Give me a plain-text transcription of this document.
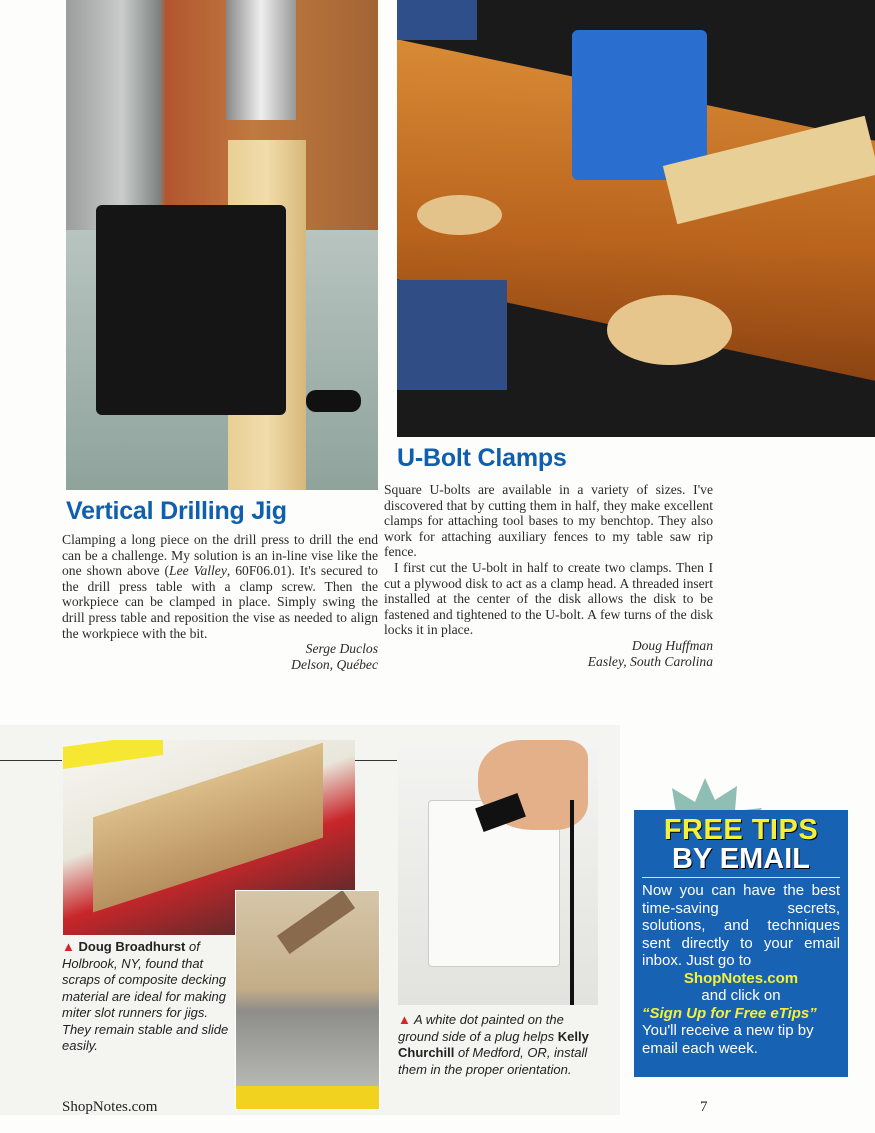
U-Bolt Clamps

Square U-bolts are available in a variety of sizes. I've discovered that by cutting them in half, they make excellent clamps for attaching tool bases to my benchtop. They also work for attaching auxiliary fences to my table saw rip fence.

I first cut the U-bolt in half to create two clamps. Then I cut a plywood disk to act as a clamp head. A threaded insert installed at the center of the disk allows the disk to be fastened and tightened to the U-bolt. A few turns of the disk locks it in place.

Doug Huffman
Easley, South Carolina
Vertical Drilling Jig

Clamping a long piece on the drill press to drill the end can be a challenge. My solution is an in-line vise like the one shown above (Lee Valley, 60F06.01). It's secured to the drill press table with a clamp screw. Then the workpiece can be clamped in place. Simply swing the drill press table and reposition the vise as needed to align the workpiece with the bit.

Serge Duclos
Delson, Québec
▲ Doug Broadhurst of Holbrook, NY, found that scraps of composite decking material are ideal for making miter slot runners for jigs. They remain stable and slide easily.
▲ A white dot painted on the ground side of a plug helps Kelly Churchill of Medford, OR, install them in the proper orientation.
FREE TIPS
BY EMAIL
Now you can have the best time-saving secrets, solutions, and techniques sent directly to your email inbox. Just go to
ShopNotes.com
and click on
“Sign Up for Free eTips”
You'll receive a new tip by email each week.
ShopNotes.com	7
